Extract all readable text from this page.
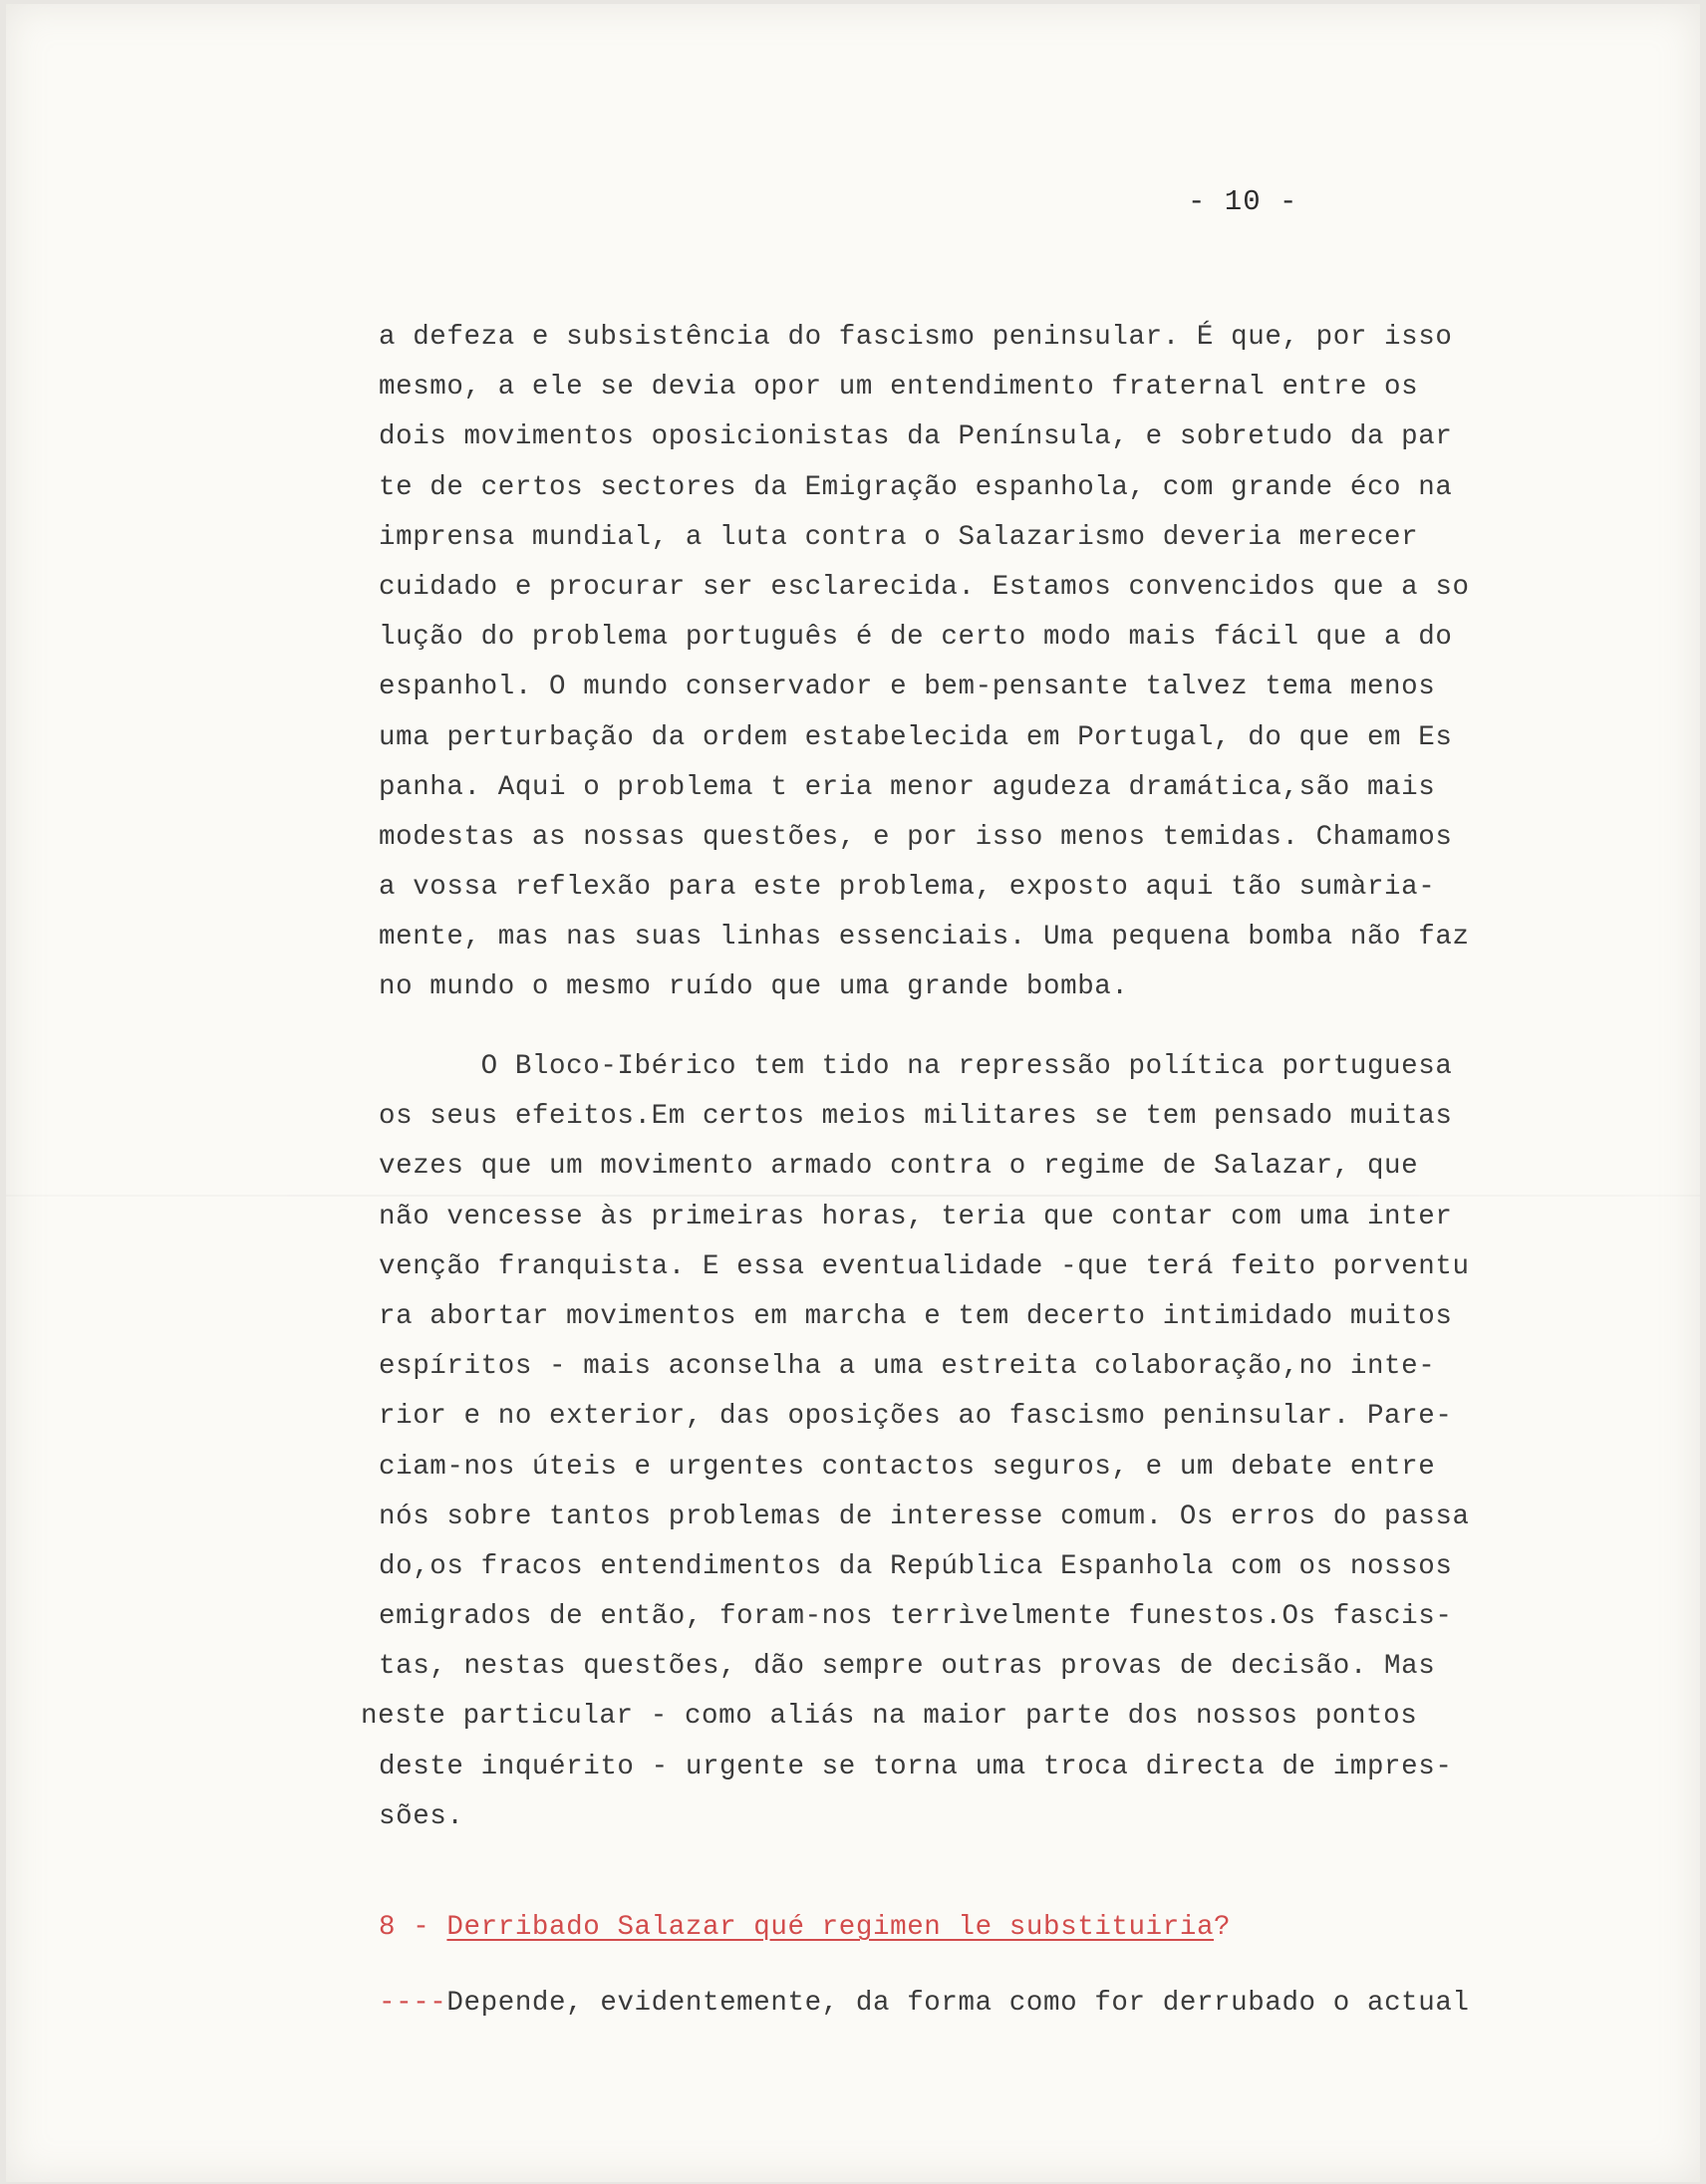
- 10 -
a defeza e subsistência do fascismo peninsular. É que, por isso
mesmo, a ele se devia opor um entendimento fraternal entre os
dois movimentos oposicionistas da Península, e sobretudo da par
te de certos sectores da Emigração espanhola, com grande éco na
imprensa mundial, a luta contra o Salazarismo deveria merecer
cuidado e procurar ser esclarecida. Estamos convencidos que a so
lução do problema português é de certo modo mais fácil que a do
espanhol. O mundo conservador e bem-pensante talvez tema menos
uma perturbação da ordem estabelecida em Portugal, do que em Es
panha. Aqui o problema t eria menor agudeza dramática,são mais
modestas as nossas questões, e por isso menos temidas. Chamamos
a vossa reflexão para este problema, exposto aqui tão sumària-
mente, mas nas suas linhas essenciais. Uma pequena bomba não faz
no mundo o mesmo ruído que uma grande bomba.
O Bloco-Ibérico tem tido na repressão política portuguesa
os seus efeitos.Em certos meios militares se tem pensado muitas
vezes que um movimento armado contra o regime de Salazar, que
não vencesse às primeiras horas, teria que contar com uma inter
venção franquista. E essa eventualidade -que terá feito porventu
ra abortar movimentos em marcha e tem decerto intimidado muitos
espíritos - mais aconselha a uma estreita colaboração,no inte-
rior e no exterior, das oposições ao fascismo peninsular. Pare-
ciam-nos úteis e urgentes contactos seguros, e um debate entre
nós sobre tantos problemas de interesse comum. Os erros do passa
do,os fracos entendimentos da República Espanhola com os nossos
emigrados de então, foram-nos terrìvelmente funestos.Os fascis-
tas, nestas questões, dão sempre outras provas de decisão. Mas
neste particular - como aliás na maior parte dos nossos pontos
deste inquérito - urgente se torna uma troca directa de impres-
sões.
8 - Derribado Salazar qué regimen le substituiria?
----Depende, evidentemente, da forma como for derrubado o actual
